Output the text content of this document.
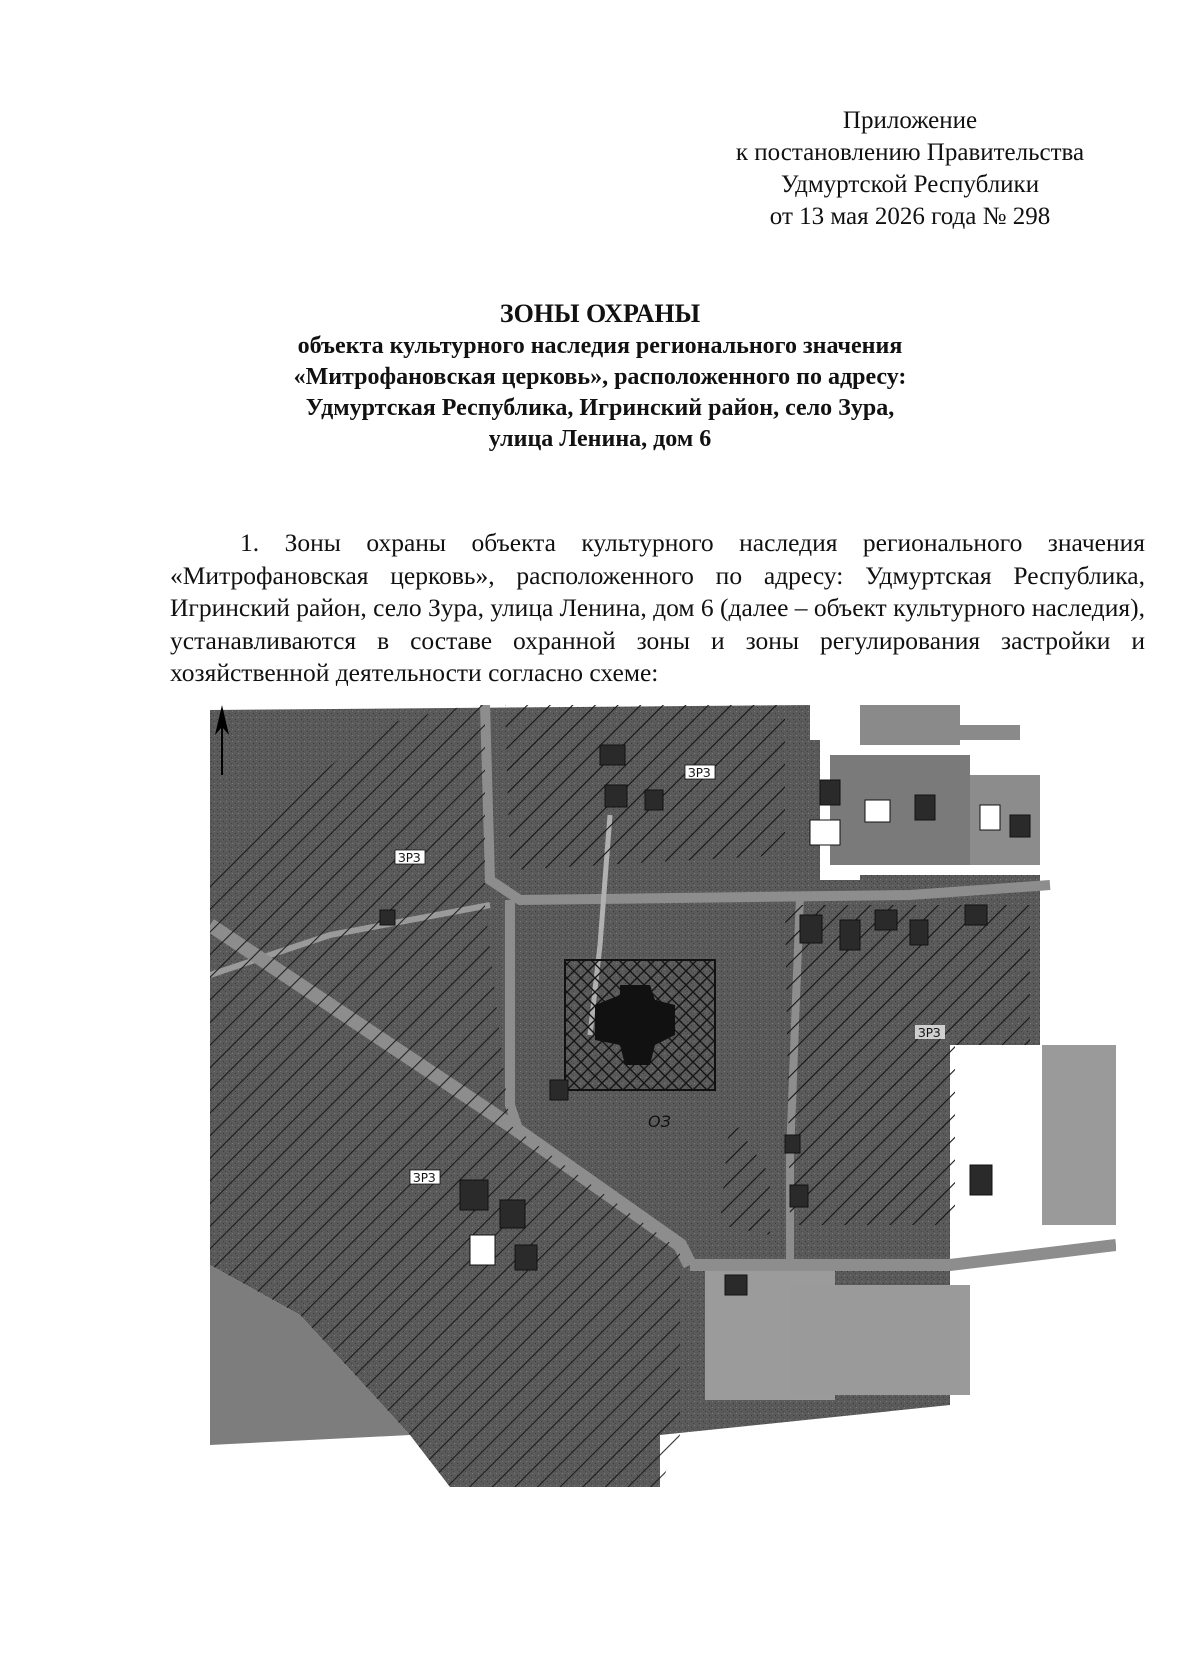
Приложение
к постановлению Правительства
Удмуртской Республики
от 13 мая 2026 года № 298
ЗОНЫ ОХРАНЫ
объекта культурного наследия регионального значения
«Митрофановская церковь», расположенного по адресу:
Удмуртская Республика, Игринский район, село Зура,
улица Ленина, дом 6
1. Зоны охраны объекта культурного наследия регионального значения «Митрофановская церковь», расположенного по адресу: Удмуртская Республика, Игринский район, село Зура, улица Ленина, дом 6 (далее – объект культурного наследия), устанавливаются в составе охранной зоны и зоны регулирования застройки и хозяйственной деятельности согласно схеме:
ЗРЗ
ЗРЗ
ЗРЗ
ЗРЗ
ОЗ
